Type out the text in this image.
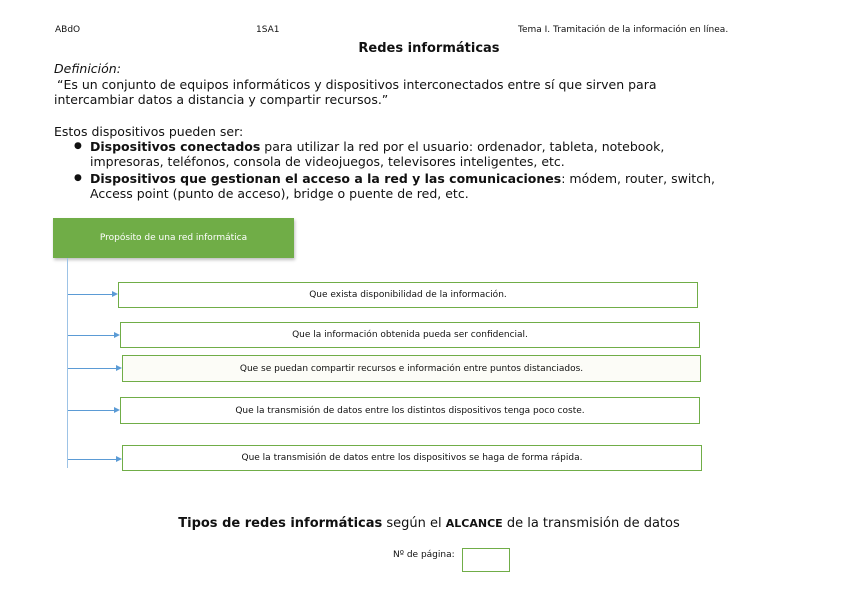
ABdO	1SA1	Tema I. Tramitación de la información en línea.
Redes informáticas
Definición:
“Es un conjunto de equipos informáticos y dispositivos interconectados entre sí que sirven para
intercambiar datos a distancia y compartir recursos.”
Estos dispositivos pueden ser:
● Dispositivos conectados para utilizar la red por el usuario: ordenador, tableta, notebook,
impresoras, teléfonos, consola de videojuegos, televisores inteligentes, etc.
● Dispositivos que gestionan el acceso a la red y las comunicaciones: módem, router, switch,
Access point (punto de acceso), bridge o puente de red, etc.
Propósito de una red informática
Que exista disponibilidad de la información.
Que la información obtenida pueda ser confidencial.
Que se puedan compartir recursos e información entre puntos distanciados.
Que la transmisión de datos entre los distintos dispositivos tenga poco coste.
Que la transmisión de datos entre los dispositivos se haga de forma rápida.
Tipos de redes informáticas según el ALCANCE de la transmisión de datos
Nº de página:
